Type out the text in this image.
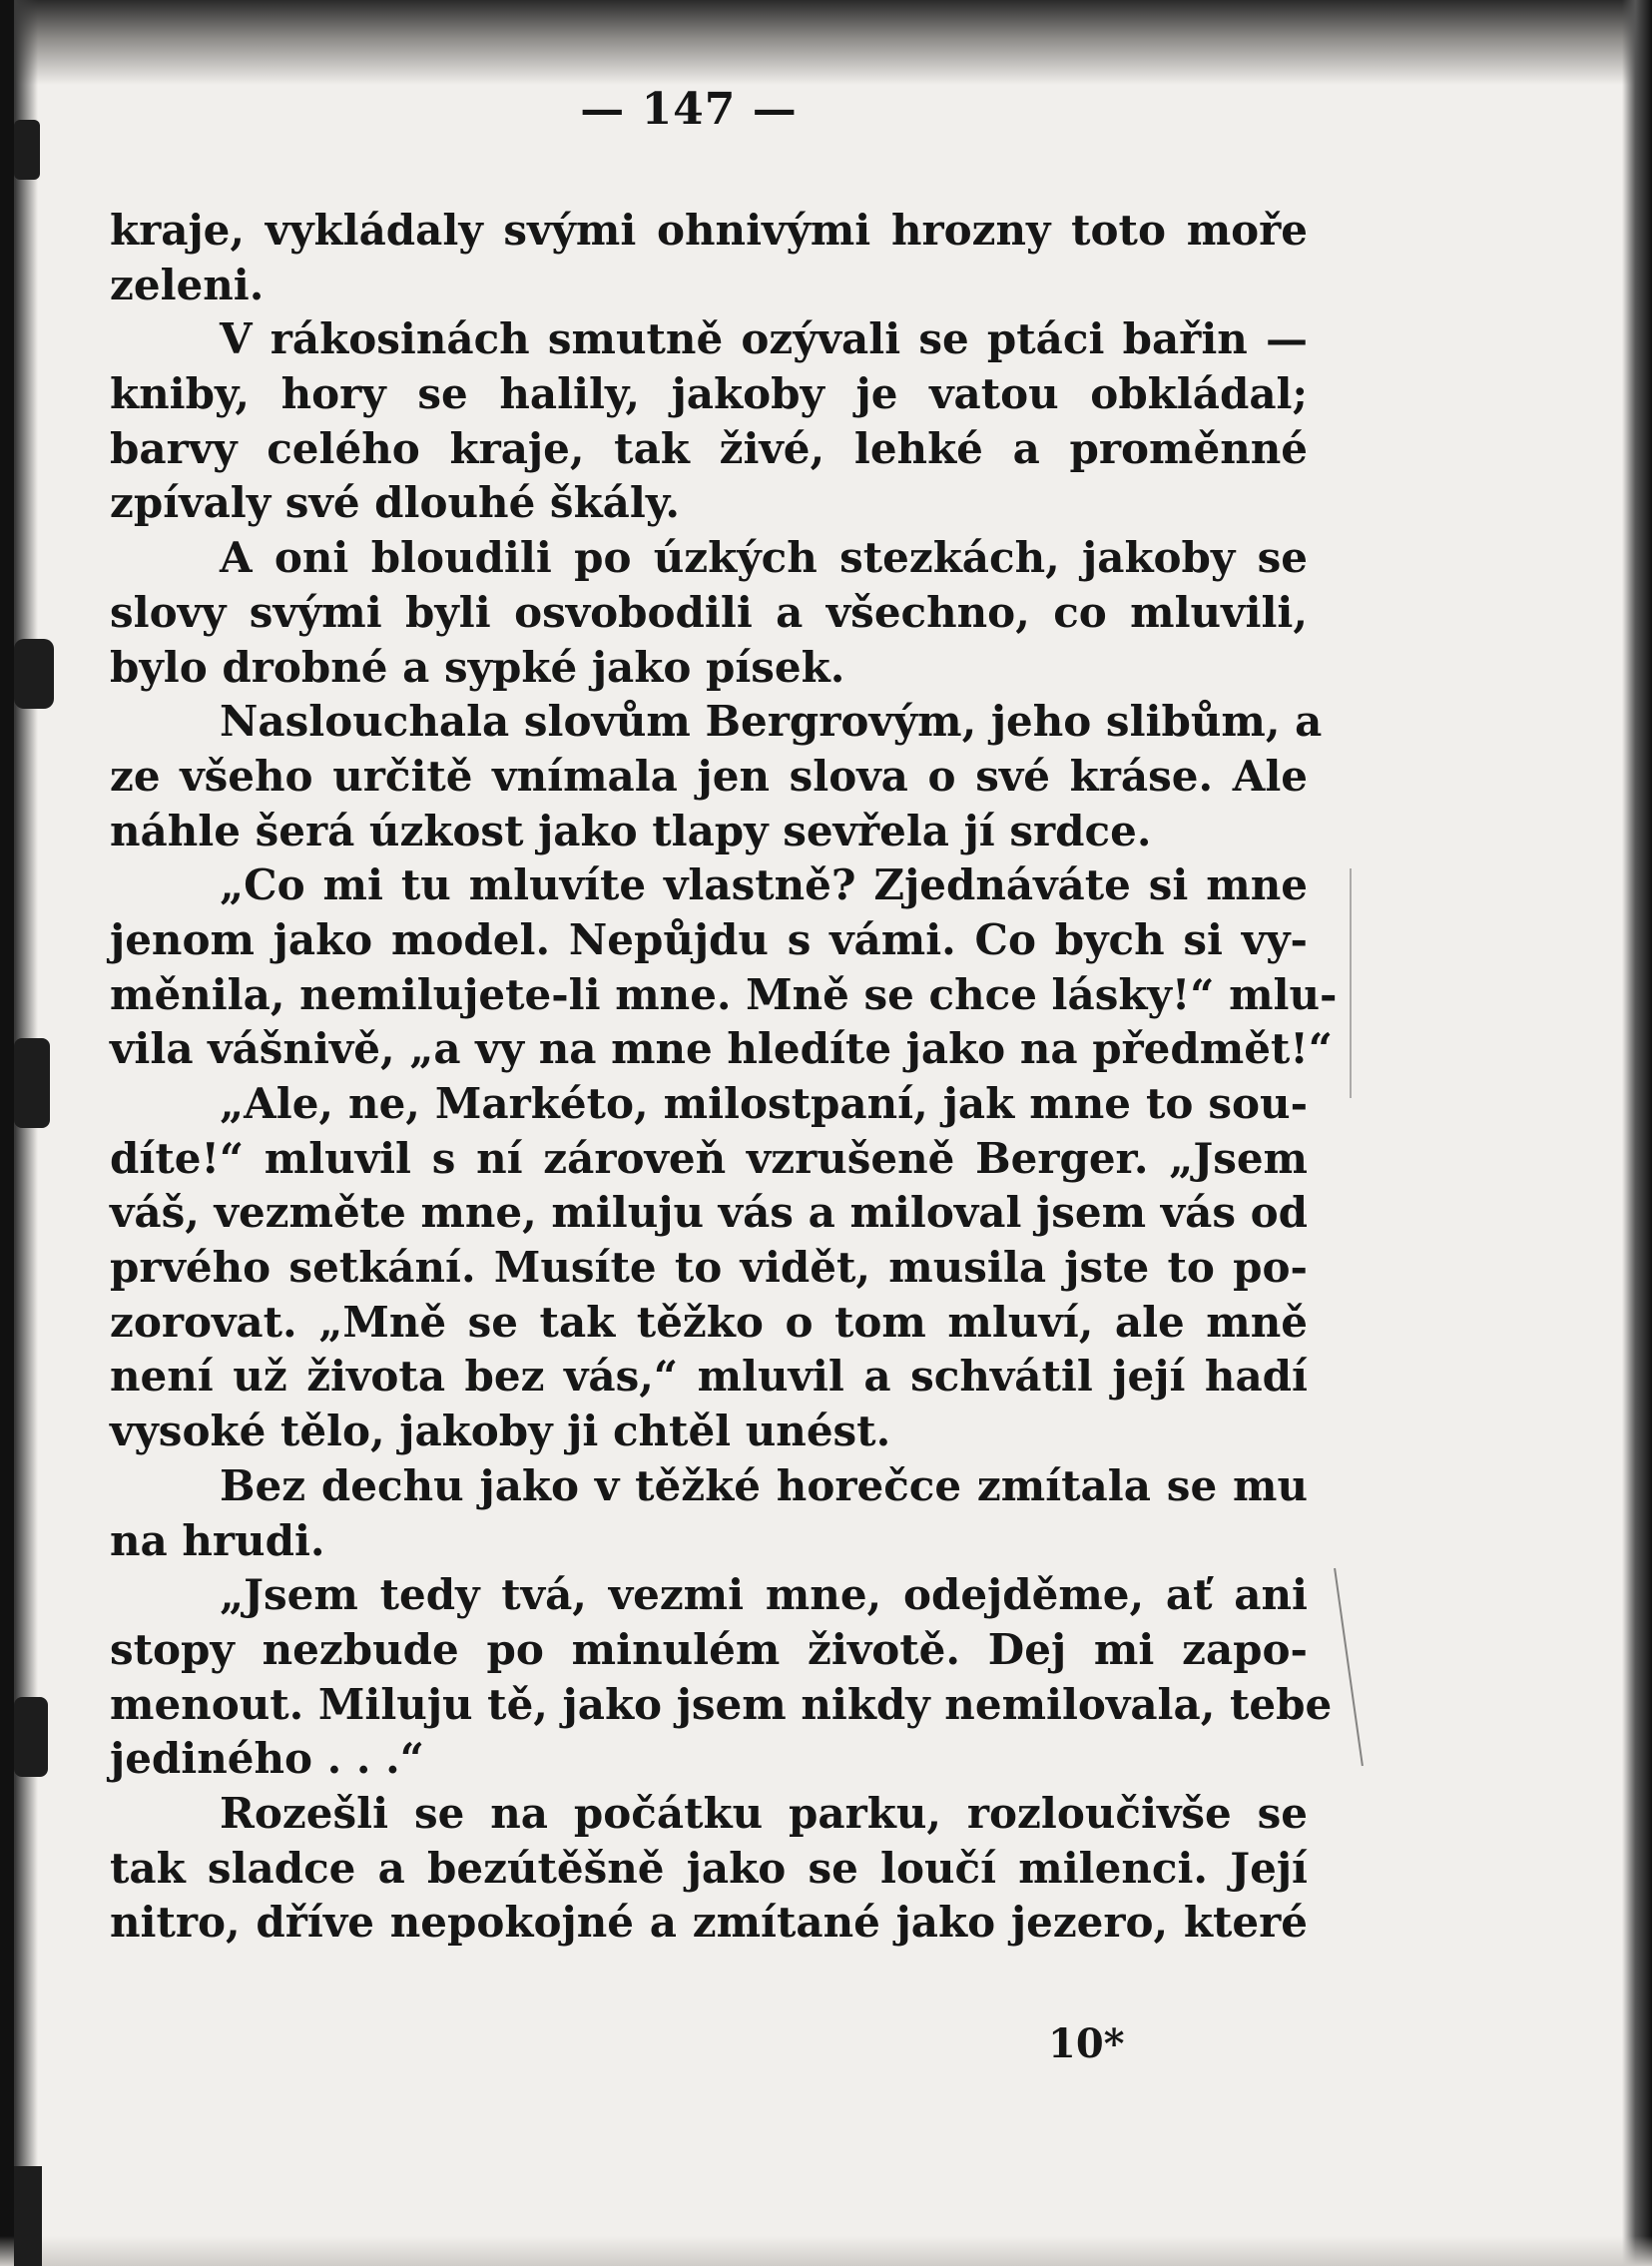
— 147 —
kraje, vykládaly svými ohnivými hrozny toto moře
zeleni.
V rákosinách smutně ozývali se ptáci bařin —
kniby, hory se halily, jakoby je vatou obkládal;
barvy celého kraje, tak živé, lehké a proměnné
zpívaly své dlouhé škály.
A oni bloudili po úzkých stezkách, jakoby se
slovy svými byli osvobodili a všechno, co mluvili,
bylo drobné a sypké jako písek.
Naslouchala slovům Bergrovým, jeho slibům, a
ze všeho určitě vnímala jen slova o své kráse. Ale
náhle šerá úzkost jako tlapy sevřela jí srdce.
„Co mi tu mluvíte vlastně? Zjednáváte si mne
jenom jako model. Nepůjdu s vámi. Co bych si vy-
měnila, nemilujete-li mne. Mně se chce lásky!“ mlu-
vila vášnivě, „a vy na mne hledíte jako na předmět!“
„Ale, ne, Markéto, milostpaní, jak mne to sou-
díte!“ mluvil s ní zároveň vzrušeně Berger. „Jsem
váš, vezměte mne, miluju vás a miloval jsem vás od
prvého setkání. Musíte to vidět, musila jste to po-
zorovat. „Mně se tak těžko o tom mluví, ale mně
není už života bez vás,“ mluvil a schvátil její hadí
vysoké tělo, jakoby ji chtěl unést.
Bez dechu jako v těžké horečce zmítala se mu
na hrudi.
„Jsem tedy tvá, vezmi mne, odejděme, ať ani
stopy nezbude po minulém životě. Dej mi zapo-
menout. Miluju tě, jako jsem nikdy nemilovala, tebe
jediného . . .“
Rozešli se na počátku parku, rozloučivše se
tak sladce a bezútěšně jako se loučí milenci. Její
nitro, dříve nepokojné a zmítané jako jezero, které
10*
